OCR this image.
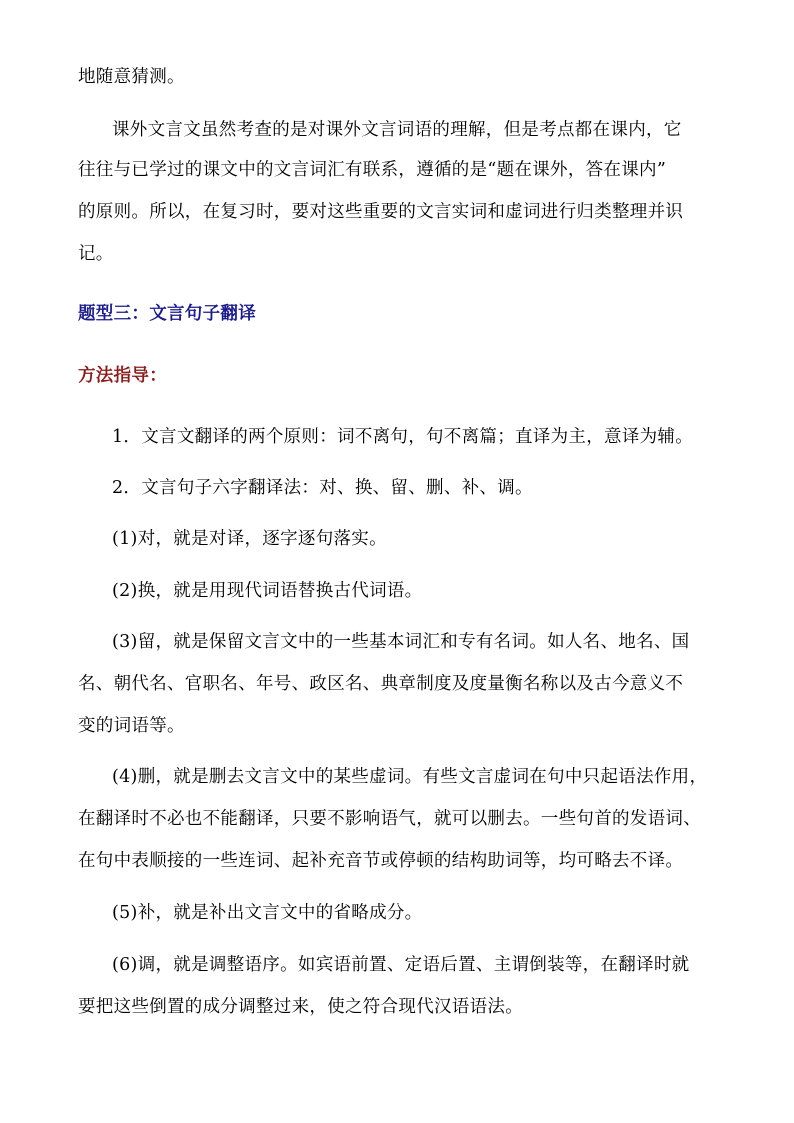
地随意猜测。
课外文言文虽然考查的是对课外文言词语的理解，但是考点都在课内，它
往往与已学过的课文中的文言词汇有联系，遵循的是“题在课外，答在课内”
的原则。所以，在复习时，要对这些重要的文言实词和虚词进行归类整理并识
记。
题型三：文言句子翻译
方法指导：
1．文言文翻译的两个原则：词不离句，句不离篇；直译为主，意译为辅。
2．文言句子六字翻译法：对、换、留、删、补、调。
(1)对，就是对译，逐字逐句落实。
(2)换，就是用现代词语替换古代词语。
(3)留，就是保留文言文中的一些基本词汇和专有名词。如人名、地名、国
名、朝代名、官职名、年号、政区名、典章制度及度量衡名称以及古今意义不
变的词语等。
(4)删，就是删去文言文中的某些虚词。有些文言虚词在句中只起语法作用，
在翻译时不必也不能翻译，只要不影响语气，就可以删去。一些句首的发语词、
在句中表顺接的一些连词、起补充音节或停顿的结构助词等，均可略去不译。
(5)补，就是补出文言文中的省略成分。
(6)调，就是调整语序。如宾语前置、定语后置、主谓倒装等，在翻译时就
要把这些倒置的成分调整过来，使之符合现代汉语语法。
